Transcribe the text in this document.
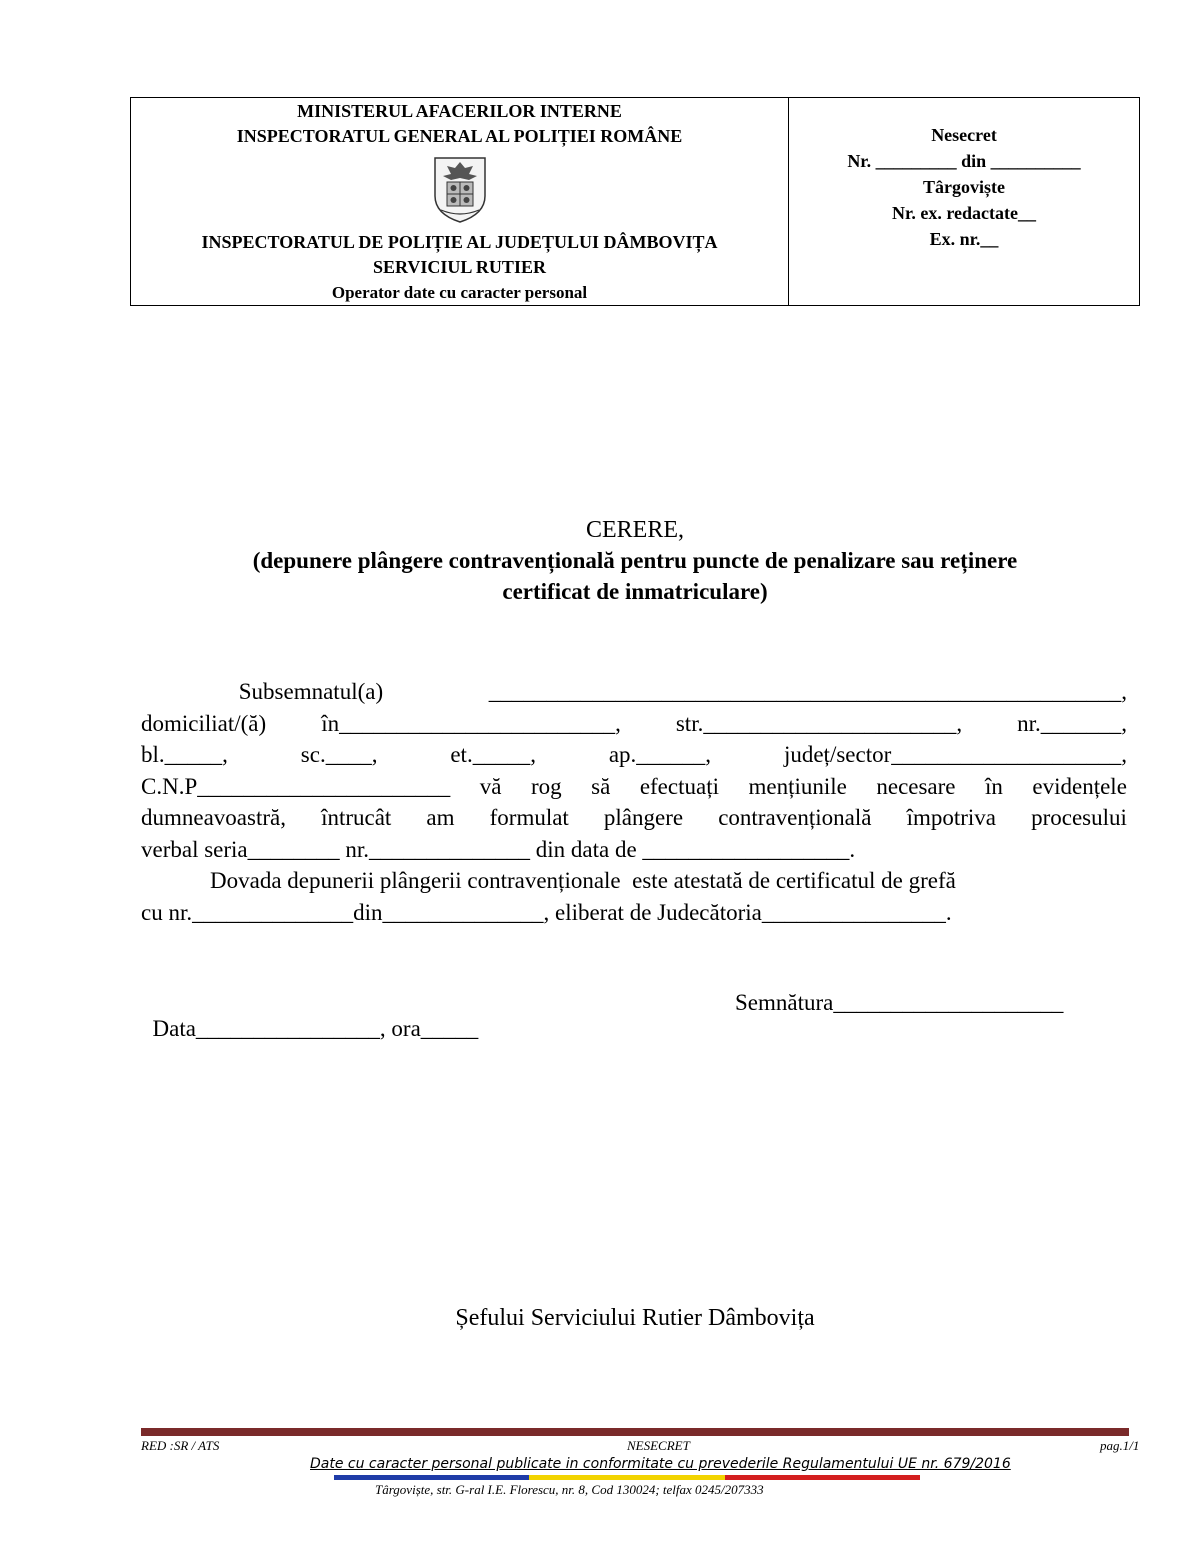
MINISTERUL AFACERILOR INTERNE
INSPECTORATUL GENERAL AL POLIȚIEI ROMÂNE
INSPECTORATUL DE POLIȚIE AL JUDEȚULUI DÂMBOVIȚA
SERVICIUL RUTIER
Operator date cu caracter personal
Nesecret
Nr. _________ din __________
Târgoviște
Nr. ex. redactate__
Ex. nr.__
CERERE,
(depunere plângere contravențională pentru puncte de penalizare sau reținere
certificat de inmatriculare)
Subsemnatul(a)	_______________________________________________________,
domiciliat/(ă) în________________________, str.______________________, nr._______,
bl._____,	sc.____,	et._____,	ap.______,	județ/sector____________________,
C.N.P______________________ vă rog să efectuați mențiunile necesare în evidențele
dumneavoastră, întrucât am formulat plângere contravențională împotriva procesului
verbal seria________ nr.______________ din data de __________________.
Dovada depunerii plângerii contravenționale  este atestată de certificatul de grefă
cu nr.______________din______________, eliberat de Judecătoria________________.

Data________________, ora_____

Semnătura____________________

Șefului Serviciului Rutier Dâmbovița
RED :SR / ATS	NESECRET	pag.1/1
Date cu caracter personal publicate in conformitate cu prevederile Regulamentului UE nr. 679/2016
Târgoviște, str. G-ral I.E. Florescu, nr. 8, Cod 130024; telfax 0245/207333
